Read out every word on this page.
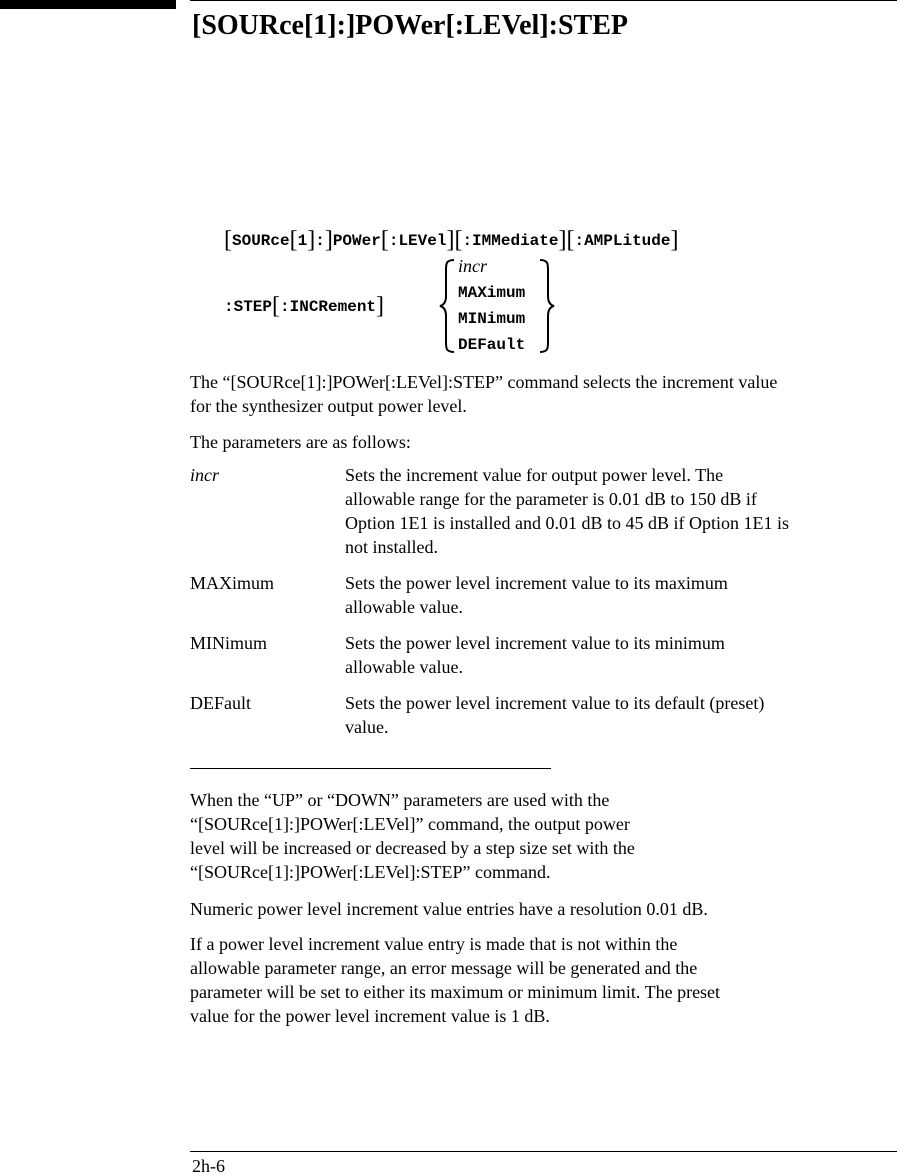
[SOURce[1]:]POWer[:LEVel]:STEP
[SOURce[1]:]POWer[:LEVel][:IMMediate][:AMPLitude]
:STEP[:INCRement]
incr
MAXimum
MINimum
DEFault
The “[SOURce[1]:]POWer[:LEVel]:STEP” command selects the increment value
for the synthesizer output power level.
The parameters are as follows:
incr	Sets the increment value for output power level. The
allowable range for the parameter is 0.01 dB to 150 dB if
Option 1E1 is installed and 0.01 dB to 45 dB if Option 1E1 is
not installed.
MAXimum	Sets the power level increment value to its maximum
allowable value.
MINimum	Sets the power level increment value to its minimum
allowable value.
DEFault	Sets the power level increment value to its default (preset)
value.
When the “UP” or “DOWN” parameters are used with the
“[SOURce[1]:]POWer[:LEVel]” command, the output power
level will be increased or decreased by a step size set with the
“[SOURce[1]:]POWer[:LEVel]:STEP” command.
Numeric power level increment value entries have a resolution 0.01 dB.
If a power level increment value entry is made that is not within the
allowable parameter range, an error message will be generated and the
parameter will be set to either its maximum or minimum limit. The preset
value for the power level increment value is 1 dB.
2h-6
